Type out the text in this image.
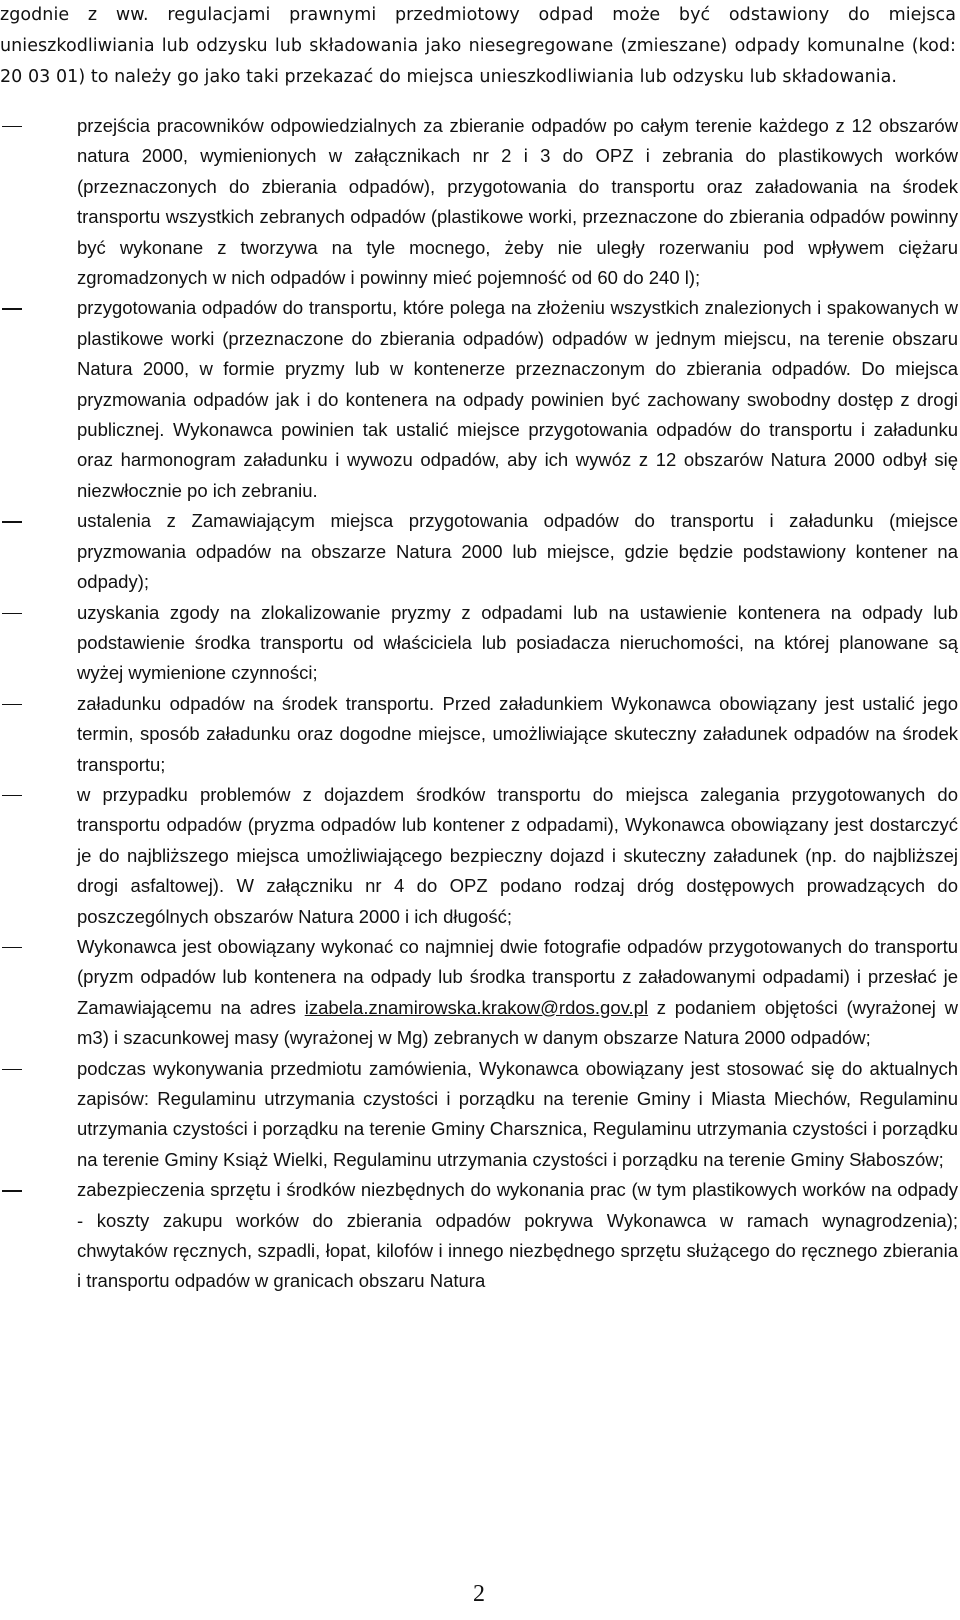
zgodnie z ww. regulacjami prawnymi przedmiotowy odpad może być odstawiony do miejsca unieszkodliwiania lub odzysku lub składowania jako niesegregowane (zmieszane) odpady komunalne (kod: 20 03 01) to należy go jako taki przekazać do miejsca unieszkodliwiania lub odzysku lub składowania.

przejścia pracowników odpowiedzialnych za zbieranie odpadów po całym terenie każdego z 12 obszarów natura 2000, wymienionych w załącznikach nr 2 i 3 do OPZ i zebrania do plastikowych worków (przeznaczonych do zbierania odpadów), przygotowania do transportu oraz załadowania na środek transportu wszystkich zebranych odpadów (plastikowe worki, przeznaczone do zbierania odpadów powinny być wykonane z tworzywa na tyle mocnego, żeby nie uległy rozerwaniu pod wpływem ciężaru zgromadzonych w nich odpadów i powinny mieć pojemność od 60 do 240 l);
przygotowania odpadów do transportu, które polega na złożeniu wszystkich znalezionych i spakowanych w plastikowe worki (przeznaczone do zbierania odpadów) odpadów w jednym miejscu, na terenie obszaru Natura 2000, w formie pryzmy lub w kontenerze przeznaczonym do zbierania odpadów. Do miejsca pryzmowania odpadów jak i do kontenera na odpady powinien być zachowany swobodny dostęp z drogi publicznej. Wykonawca powinien tak ustalić miejsce przygotowania odpadów do transportu i załadunku oraz harmonogram załadunku i wywozu odpadów, aby ich wywóz z 12 obszarów Natura 2000 odbył się niezwłocznie po ich zebraniu.
ustalenia z Zamawiającym miejsca przygotowania odpadów do transportu i załadunku (miejsce pryzmowania odpadów na obszarze Natura 2000 lub miejsce, gdzie będzie podstawiony kontener na odpady);
uzyskania zgody na zlokalizowanie pryzmy z odpadami lub na ustawienie kontenera na odpady lub podstawienie środka transportu od właściciela lub posiadacza nieruchomości, na której planowane są wyżej wymienione czynności;
załadunku odpadów na środek transportu. Przed załadunkiem Wykonawca obowiązany jest ustalić jego termin, sposób załadunku oraz dogodne miejsce, umożliwiające skuteczny załadunek odpadów na środek transportu;
w przypadku problemów z dojazdem środków transportu do miejsca zalegania przygotowanych do transportu odpadów (pryzma odpadów lub kontener z odpadami), Wykonawca obowiązany jest dostarczyć je do najbliższego miejsca umożliwiającego bezpieczny dojazd i skuteczny załadunek (np. do najbliższej drogi asfaltowej). W załączniku nr 4 do OPZ podano rodzaj dróg dostępowych prowadzących do poszczególnych obszarów Natura 2000 i ich długość;
Wykonawca jest obowiązany wykonać co najmniej dwie fotografie odpadów przygotowanych do transportu (pryzm odpadów lub kontenera na odpady lub środka transportu z załadowanymi odpadami) i przesłać je Zamawiającemu na adres izabela.znamirowska.krakow@rdos.gov.pl z podaniem objętości (wyrażonej w m3) i szacunkowej masy (wyrażonej w Mg) zebranych w danym obszarze Natura 2000 odpadów;
podczas wykonywania przedmiotu zamówienia, Wykonawca obowiązany jest stosować się do aktualnych zapisów: Regulaminu utrzymania czystości i porządku na terenie Gminy i Miasta Miechów, Regulaminu utrzymania czystości i porządku na terenie Gminy Charsznica, Regulaminu utrzymania czystości i porządku na terenie Gminy Książ Wielki, Regulaminu utrzymania czystości i porządku na terenie Gminy Słaboszów;
zabezpieczenia sprzętu i środków niezbędnych do wykonania prac (w tym plastikowych worków na odpady - koszty zakupu worków do zbierania odpadów pokrywa Wykonawca w ramach wynagrodzenia); chwytaków ręcznych, szpadli, łopat, kilofów i innego niezbędnego sprzętu służącego do ręcznego zbierania i transportu odpadów w granicach obszaru Natura
2
